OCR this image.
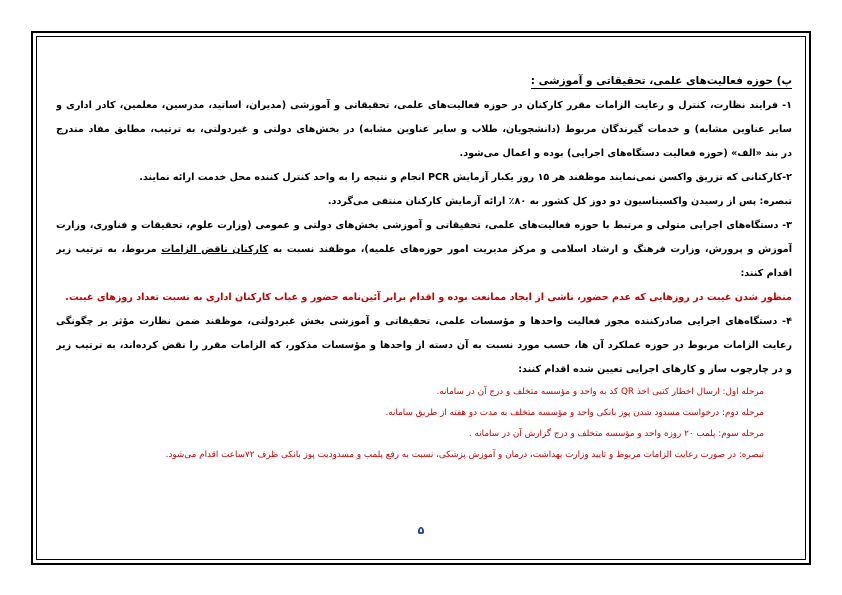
پ) حوزه فعالیت‌های علمی، تحقیقاتی و آموزشی :
۱- فرایند نظارت، کنترل و رعایت الزامات مقرر کارکنان در حوزه فعالیت‌های علمی، تحقیقاتی و آموزشی (مدیران، اساتید، مدرسین، معلمین، کادر اداری و
سایر عناوین مشابه) و خدمات گیرندگان مربوط (دانشجویان، طلاب و سایر عناوین مشابه) در بخش‌های دولتی و غیردولتی، به ترتیب، مطابق مفاد مندرج
در بند «الف» (حوزه فعالیت دستگاه‌های اجرایی) بوده و اعمال می‌شود.
۲-کارکنانی که تزریق واکسن نمی‌نمایند موظفند هر ۱۵ روز یکبار آزمایش PCR انجام و نتیجه را به واحد کنترل کننده محل خدمت ارائه نمایند.
تبصره: پس از رسیدن واکسیناسیون دو دوز کل کشور به ۸۰٪ ارائه آزمایش کارکنان منتفی می‌گردد.
۳- دستگاه‌های اجرایی متولی و مرتبط با حوزه فعالیت‌های علمی، تحقیقاتی و آموزشی بخش‌های دولتی و عمومی (وزارت علوم، تحقیقات و فناوری، وزارت
آموزش و پرورش، وزارت فرهنگ و ارشاد اسلامی و مرکز مدیریت امور حوزه‌های علمیه)، موظفند نسبت به کارکنان ناقض الزامات مربوط، به ترتیب زیر
اقدام کنند:
منظور شدن غیبت در روزهایی که عدم حضور، ناشی از ایجاد ممانعت بوده و اقدام برابر آئین‌نامه حضور و غیاب کارکنان اداری به نسبت تعداد روزهای غیبت.
۴- دستگاه‌های اجرایی صادرکننده مجوز فعالیت واحدها و مؤسسات علمی، تحقیقاتی و آموزشی بخش غیردولتی، موظفند ضمن نظارت مؤثر بر چگونگی
رعایت الزامات مربوط در حوزه عملکرد آن ها، حسب مورد نسبت به آن دسته از واحدها و مؤسسات مذکور، که الزامات مقرر را نقض کرده‌اند، به ترتیب زیر
و در چارچوب ساز و کارهای اجرایی تعیین شده اقدام کنند:
مرحله اول: ارسال اخطار کتبی اخذ QR کد به واحد و مؤسسه متخلف و درج آن در سامانه.
مرحله دوم: درخواست مسدود شدن پوز بانکی واحد و مؤسسه متخلف به مدت دو هفته از طریق سامانه.
مرحله سوم: پلمب ۲۰ روزه واحد و مؤسسه متخلف و درج گزارش آن در سامانه .
تبصره: در صورت رعایت الزامات مربوط و تایید وزارت بهداشت، درمان و آموزش پزشکی، نسبت به رفع پلمب و مسدودیت پوز بانکی ظرف ۷۲ساعت اقدام می‌شود.
۵
